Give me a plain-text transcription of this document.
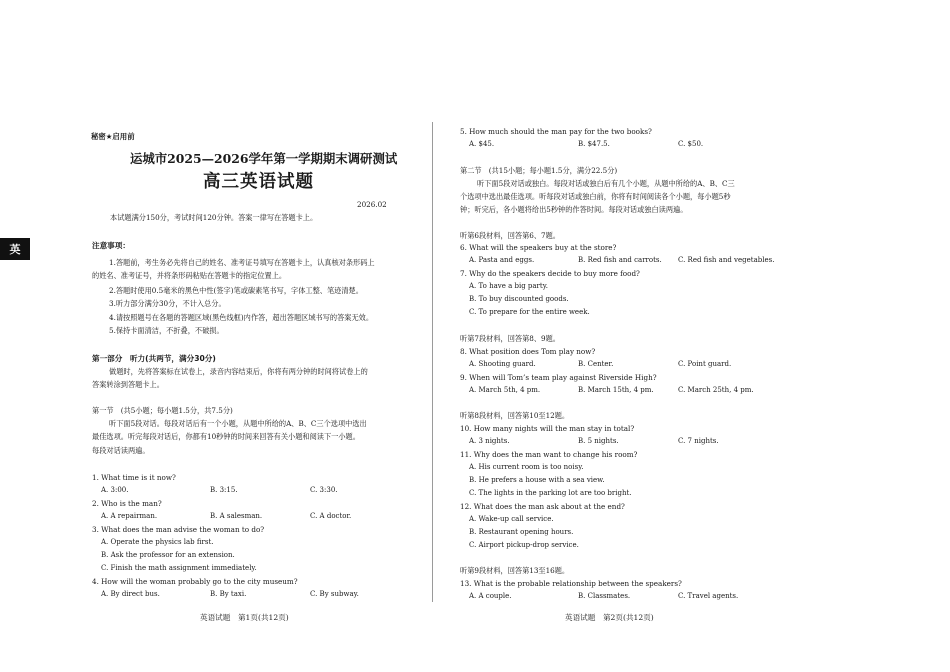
英
秘密★启用前
运城市2025—2026学年第一学期期末调研测试
高三英语试题
2026.02
本试题满分150分，考试时间120分钟。答案一律写在答题卡上。
注意事项：
1.答题前，考生务必先将自己的姓名、准考证号填写在答题卡上，认真核对条形码上
的姓名、准考证号，并将条形码粘贴在答题卡的指定位置上。
2.答题时使用0.5毫米的黑色中性(签字)笔或碳素笔书写，字体工整、笔迹清楚。
3.听力部分满分30分，不计入总分。
4.请按照题号在各题的答题区域(黑色线框)内作答，超出答题区域书写的答案无效。
5.保持卡面清洁，不折叠，不破损。
第一部分　听力(共两节，满分30分)
做题时，先将答案标在试卷上，录音内容结束后，你将有两分钟的时间将试卷上的
答案转涂到答题卡上。
第一节　(共5小题；每小题1.5分，共7.5分)
听下面5段对话。每段对话后有一个小题，从题中所给的A、B、C三个选项中选出
最佳选项。听完每段对话后，你都有10秒钟的时间来回答有关小题和阅读下一小题。
每段对话读两遍。
1. What time is it now?
A. 3:00.	B. 3:15.	C. 3:30.
2. Who is the man?
A. A repairman.	B. A salesman.	C. A doctor.
3. What does the man advise the woman to do?
A. Operate the physics lab first.
B. Ask the professor for an extension.
C. Finish the math assignment immediately.
4. How will the woman probably go to the city museum?
A. By direct bus.	B. By taxi.	C. By subway.
英语试题　第1页(共12页)
5. How much should the man pay for the two books?
A. $45.	B. $47.5.	C. $50.
第二节　(共15小题；每小题1.5分，满分22.5分)
听下面5段对话或独白。每段对话或独白后有几个小题，从题中所给的A、B、C三
个选项中选出最佳选项。听每段对话或独白前，你将有时间阅读各个小题，每小题5秒
钟；听完后，各小题将给出5秒钟的作答时间。每段对话或独白读两遍。
听第6段材料，回答第6、7题。
6. What will the speakers buy at the store?
A. Pasta and eggs.	B. Red fish and carrots. C. Red fish and vegetables.
7. Why do the speakers decide to buy more food?
A. To have a big party.
B. To buy discounted goods.
C. To prepare for the entire week.
听第7段材料，回答第8、9题。
8. What position does Tom play now?
A. Shooting guard.	B. Center.	C. Point guard.
9. When will Tom’s team play against Riverside High?
A. March 5th, 4 pm.	B. March 15th, 4 pm.	C. March 25th, 4 pm.
听第8段材料，回答第10至12题。
10. How many nights will the man stay in total?
A. 3 nights.	B. 5 nights.	C. 7 nights.
11. Why does the man want to change his room?
A. His current room is too noisy.
B. He prefers a house with a sea view.
C. The lights in the parking lot are too bright.
12. What does the man ask about at the end?
A. Wake-up call service.
B. Restaurant opening hours.
C. Airport pickup-drop service.
听第9段材料，回答第13至16题。
13. What is the probable relationship between the speakers?
A. A couple.	B. Classmates.	C. Travel agents.
英语试题　第2页(共12页)
